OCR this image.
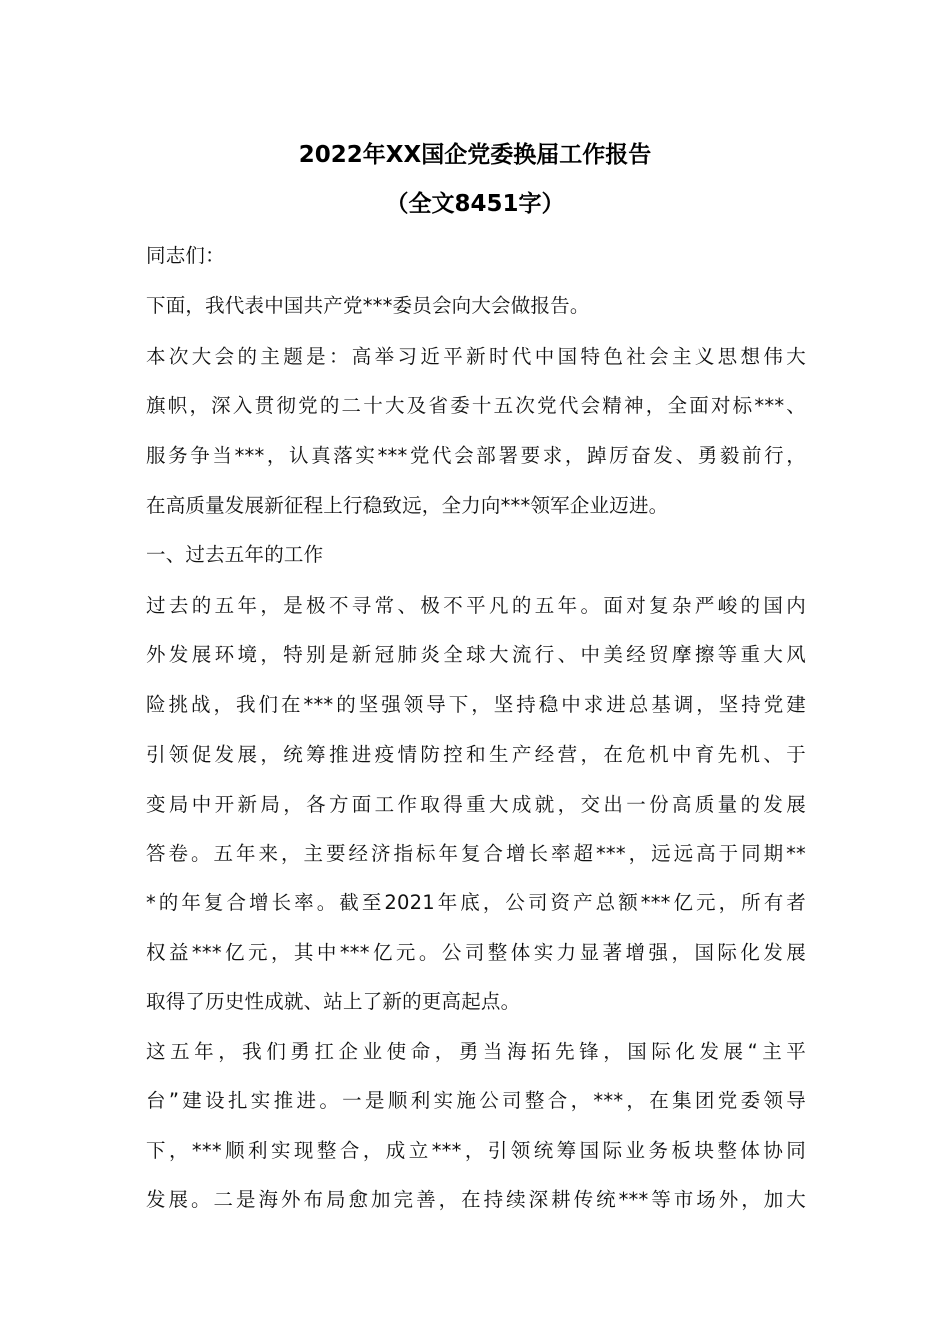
2022年XX国企党委换届工作报告
（全文8451字）
同志们：
下面，我代表中国共产党***委员会向大会做报告。
本次大会的主题是：高举习近平新时代中国特色社会主义思想伟大
旗帜，深入贯彻党的二十大及省委十五次党代会精神，全面对标***、
服务争当***，认真落实***党代会部署要求，踔厉奋发、勇毅前行，
在高质量发展新征程上行稳致远，全力向***领军企业迈进。
一、过去五年的工作
过去的五年，是极不寻常、极不平凡的五年。面对复杂严峻的国内
外发展环境，特别是新冠肺炎全球大流行、中美经贸摩擦等重大风
险挑战，我们在***的坚强领导下，坚持稳中求进总基调，坚持党建
引领促发展，统筹推进疫情防控和生产经营，在危机中育先机、于
变局中开新局，各方面工作取得重大成就，交出一份高质量的发展
答卷。五年来，主要经济指标年复合增长率超***，远远高于同期**
*的年复合增长率。截至2021年底，公司资产总额***亿元，所有者
权益***亿元，其中***亿元。公司整体实力显著增强，国际化发展
取得了历史性成就、站上了新的更高起点。
这五年，我们勇扛企业使命，勇当海拓先锋，国际化发展“主平
台”建设扎实推进。一是顺利实施公司整合，***，在集团党委领导
下，***顺利实现整合，成立***，引领统筹国际业务板块整体协同
发展。二是海外布局愈加完善，在持续深耕传统***等市场外，加大
